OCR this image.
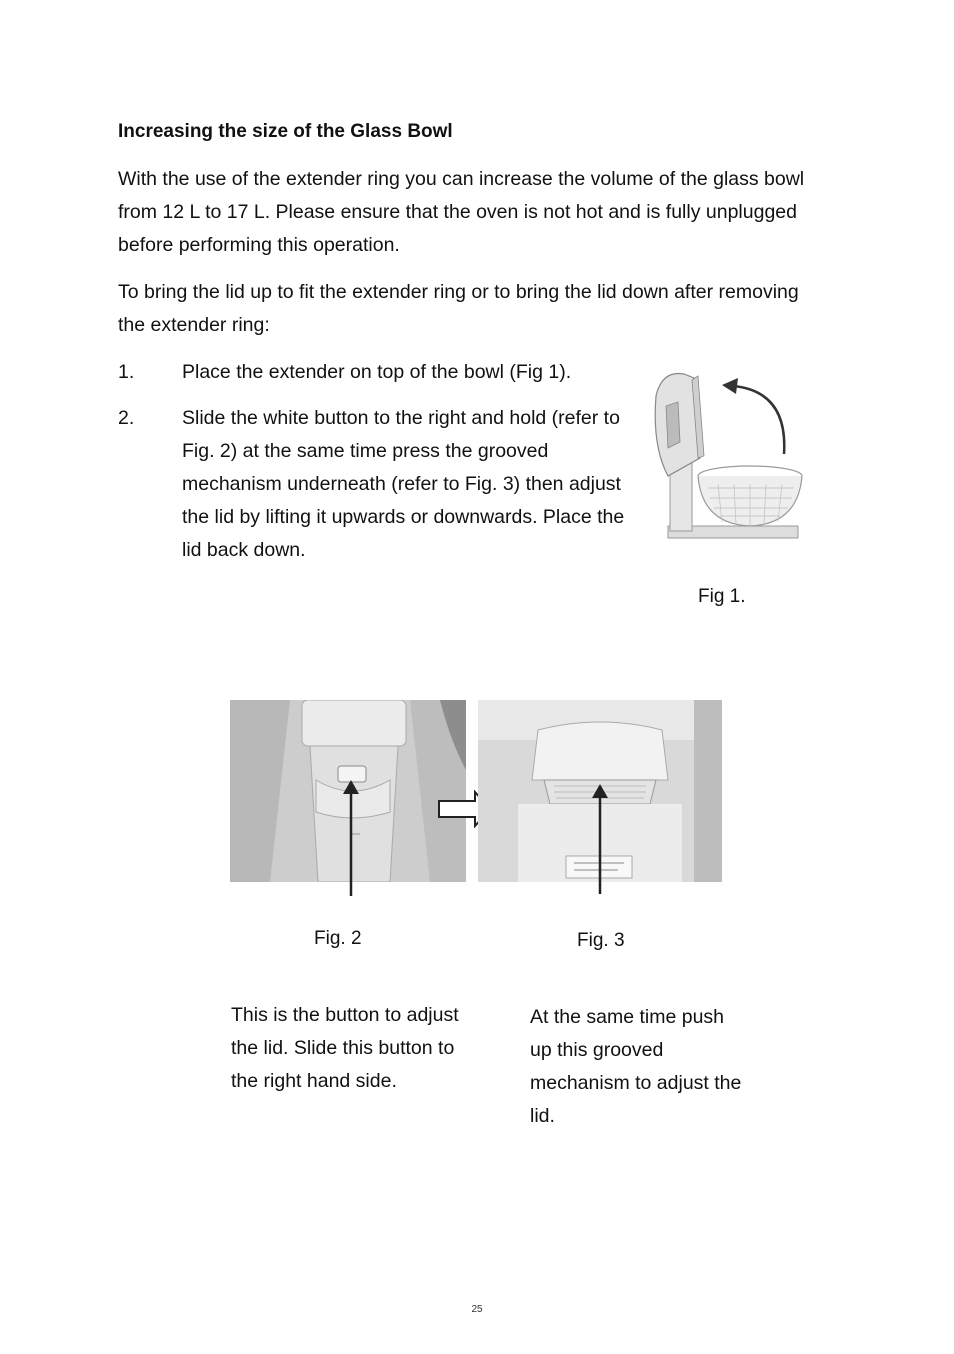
Increasing the size of the Glass Bowl
With the use of the extender ring you can increase the volume of the glass bowl from 12 L to 17 L. Please ensure that the oven is not hot and is fully unplugged before performing this operation.
To bring the lid up to fit the extender ring or to bring the lid down after removing the extender ring:
1. Place the extender on top of the bowl (Fig 1).
2. Slide the white button to the right and hold (refer to Fig. 2) at the same time press the grooved mechanism underneath (refer to Fig. 3) then adjust the lid by lifting it upwards or downwards. Place the lid back down.
Fig 1.
Fig. 2	Fig. 3
This is the button to adjust the lid. Slide this button to the right hand side.
At the same time push up this grooved mechanism to adjust the lid.
25
